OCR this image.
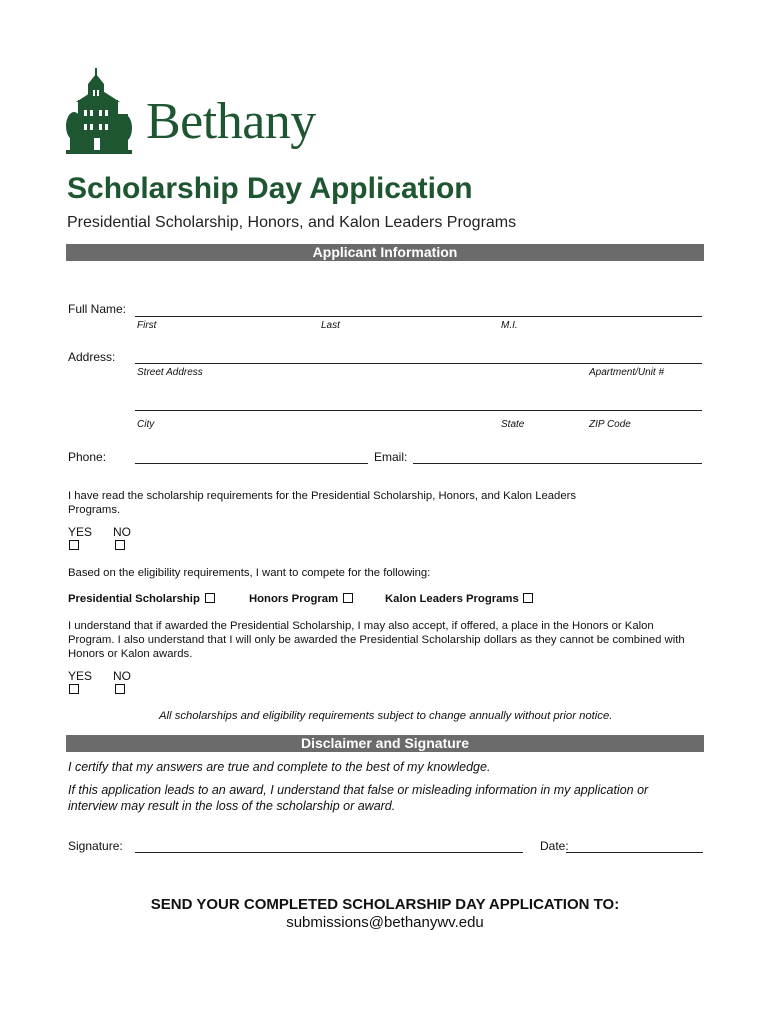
Bethany
Scholarship Day Application
Presidential Scholarship, Honors, and Kalon Leaders Programs
Applicant Information
Full Name:
First	Last	M.I.
Address:
Street Address	Apartment/Unit #
City	State	ZIP Code
Phone:	Email:
I have read the scholarship requirements for the Presidential Scholarship, Honors, and Kalon Leaders Programs.
YES NO
Based on the eligibility requirements, I want to compete for the following:
Presidential Scholarship	Honors Program	Kalon Leaders Programs
I understand that if awarded the Presidential Scholarship, I may also accept, if offered, a place in the Honors or Kalon Program. I also understand that I will only be awarded the Presidential Scholarship dollars as they cannot be combined with Honors or Kalon awards.
YES NO
All scholarships and eligibility requirements subject to change annually without prior notice.
Disclaimer and Signature
I certify that my answers are true and complete to the best of my knowledge.
If this application leads to an award, I understand that false or misleading information in my application or interview may result in the loss of the scholarship or award.
Signature:	Date:
SEND YOUR COMPLETED SCHOLARSHIP DAY APPLICATION TO:
submissions@bethanywv.edu
